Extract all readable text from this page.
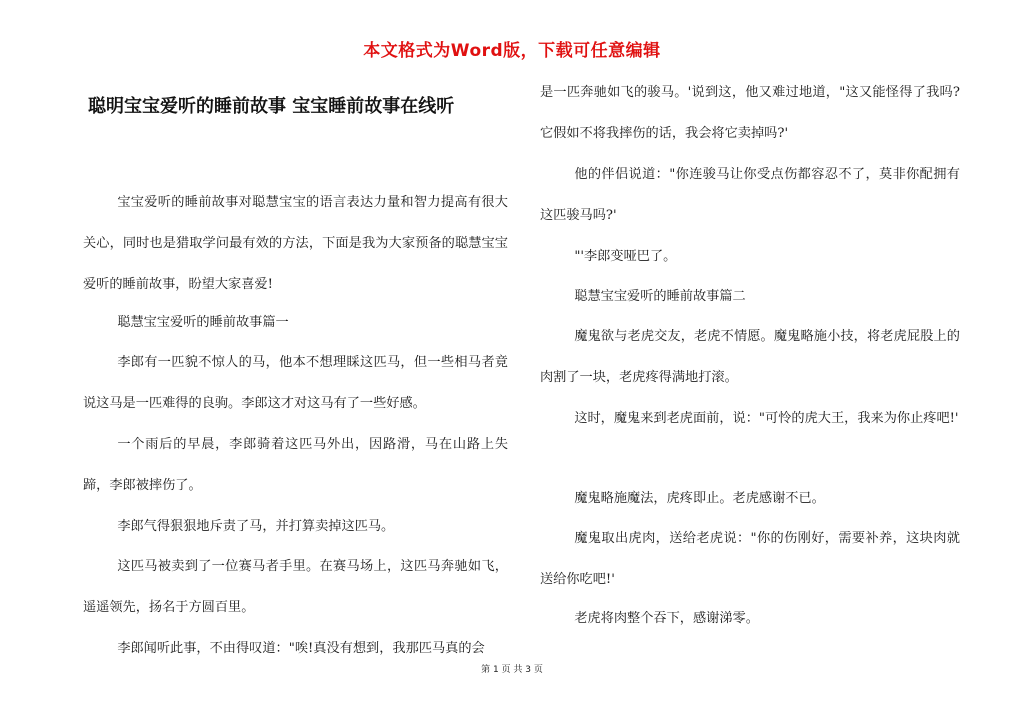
本文格式为Word版，下载可任意编辑
聪明宝宝爱听的睡前故事 宝宝睡前故事在线听

宝宝爱听的睡前故事对聪慧宝宝的语言表达力量和智力提高有很大关心，同时也是猎取学问最有效的方法，下面是我为大家预备的聪慧宝宝爱听的睡前故事，盼望大家喜爱!

聪慧宝宝爱听的睡前故事篇一

李郎有一匹貌不惊人的马，他本不想理睬这匹马，但一些相马者竟说这马是一匹难得的良驹。李郎这才对这马有了一些好感。

一个雨后的早晨，李郎骑着这匹马外出，因路滑，马在山路上失蹄，李郎被摔伤了。

李郎气得狠狠地斥责了马，并打算卖掉这匹马。

这匹马被卖到了一位赛马者手里。在赛马场上，这匹马奔驰如飞，遥遥领先，扬名于方圆百里。

李郎闻听此事，不由得叹道："唉!真没有想到，我那匹马真的会

是一匹奔驰如飞的骏马。'说到这，他又难过地道，"这又能怪得了我吗?它假如不将我摔伤的话，我会将它卖掉吗?'

他的伴侣说道："你连骏马让你受点伤都容忍不了，莫非你配拥有这匹骏马吗?'

"'李郎变哑巴了。

聪慧宝宝爱听的睡前故事篇二

魔鬼欲与老虎交友，老虎不情愿。魔鬼略施小技，将老虎屁股上的肉割了一块，老虎疼得满地打滚。

这时，魔鬼来到老虎面前，说："可怜的虎大王，我来为你止疼吧!'

魔鬼略施魔法，虎疼即止。老虎感谢不已。

魔鬼取出虎肉，送给老虎说："你的伤刚好，需要补养，这块肉就送给你吃吧!'

老虎将肉整个吞下，感谢涕零。

第 1 页 共 3 页
